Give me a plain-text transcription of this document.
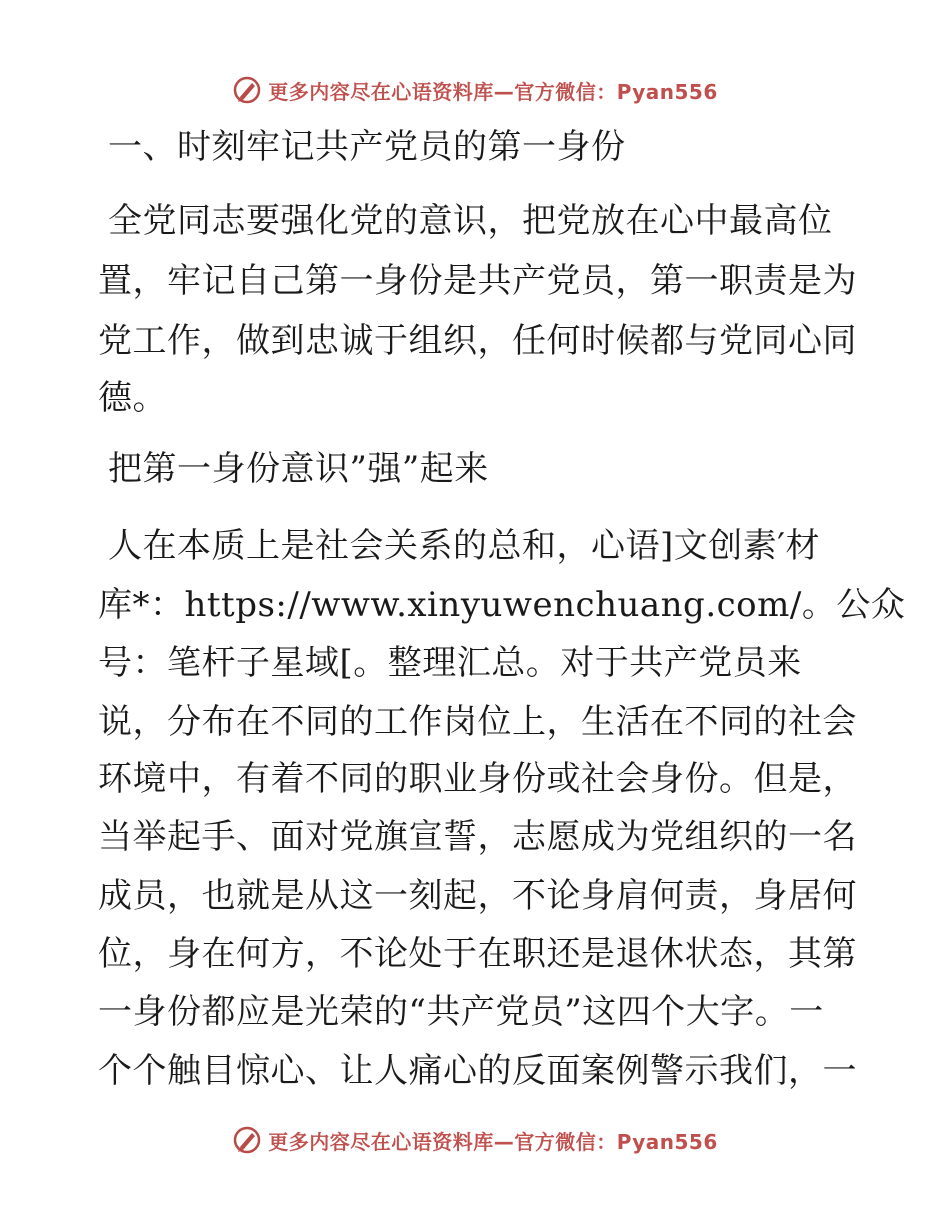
更多内容尽在心语资料库—官方微信：Pyan556
一、时刻牢记共产党员的第一身份
全党同志要强化党的意识，把党放在心中最高位
置，牢记自己第一身份是共产党员，第一职责是为
党工作，做到忠诚于组织，任何时候都与党同心同
德。
把第一身份意识”强”起来
人在本质上是社会关系的总和，心语]文创素′材
库*：https://www.xinyuwenchuang.com/。公众
号：笔杆子星域[。整理汇总。对于共产党员来
说，分布在不同的工作岗位上，生活在不同的社会
环境中，有着不同的职业身份或社会身份。但是，
当举起手、面对党旗宣誓，志愿成为党组织的一名
成员，也就是从这一刻起，不论身肩何责，身居何
位，身在何方，不论处于在职还是退休状态，其第
一身份都应是光荣的“共产党员”这四个大字。一
个个触目惊心、让人痛心的反面案例警示我们，一
更多内容尽在心语资料库—官方微信：Pyan556
